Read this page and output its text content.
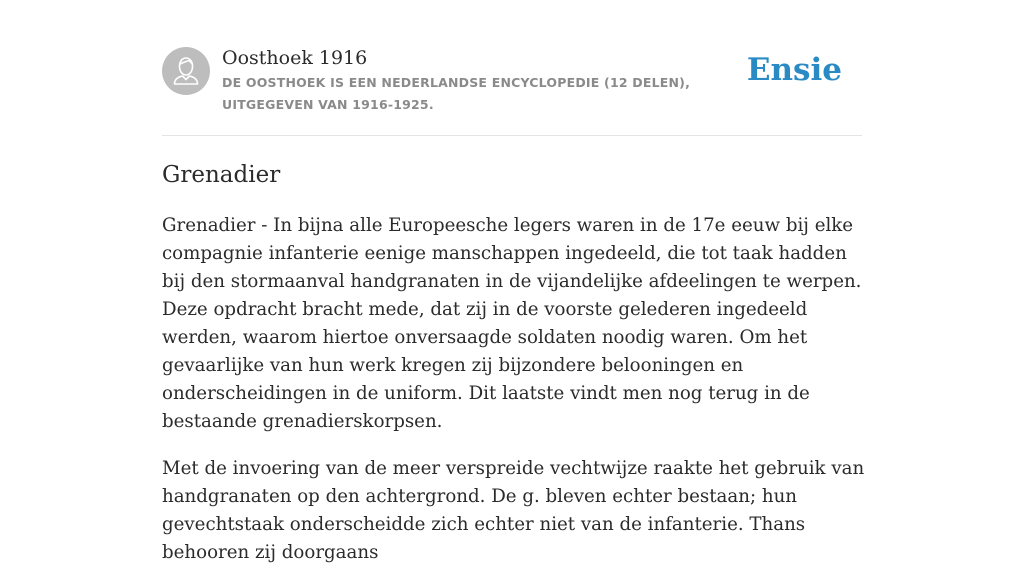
Oosthoek 1916
DE OOSTHOEK IS EEN NEDERLANDSE ENCYCLOPEDIE (12 DELEN), UITGEGEVEN VAN 1916-1925.
Ensie
Grenadier

Grenadier - In bijna alle Europeesche legers waren in de 17e eeuw bij elke compagnie infanterie eenige manschappen ingedeeld, die tot taak hadden bij den stormaanval handgranaten in de vijandelijke afdeelingen te werpen. Deze opdracht bracht mede, dat zij in de voorste gelederen ingedeeld werden, waarom hiertoe onversaagde soldaten noodig waren. Om het gevaarlijke van hun werk kregen zij bijzondere belooningen en onderscheidingen in de uniform. Dit laatste vindt men nog terug in de bestaande grenadierskorpsen.

Met de invoering van de meer verspreide vechtwijze raakte het gebruik van handgranaten op den achtergrond. De g. bleven echter bestaan; hun gevechtstaak onderscheidde zich echter niet van de infanterie. Thans behooren zij doorgaans
